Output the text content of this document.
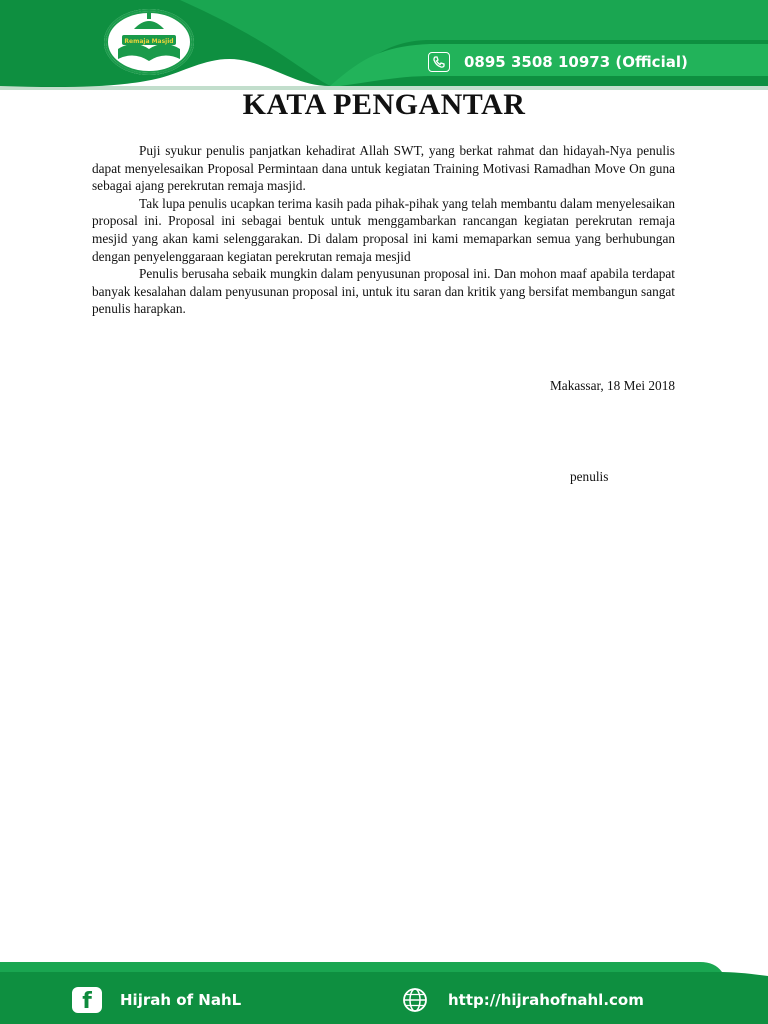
Remaja Masjid
0895 3508 10973 (Official)
KATA PENGANTAR

Puji syukur penulis panjatkan kehadirat Allah SWT, yang berkat rahmat dan hidayah-Nya penulis dapat menyelesaikan Proposal Permintaan dana untuk kegiatan Training Motivasi Ramadhan Move On guna sebagai ajang perekrutan remaja masjid.

Tak lupa penulis ucapkan terima kasih pada pihak-pihak yang telah membantu dalam menyelesaikan proposal ini. Proposal ini sebagai bentuk untuk menggambarkan rancangan kegiatan perekrutan remaja mesjid yang akan kami selenggarakan. Di dalam proposal ini kami memaparkan semua yang berhubungan dengan penyelenggaraan kegiatan perekrutan remaja mesjid

Penulis berusaha sebaik mungkin dalam penyusunan proposal ini. Dan mohon maaf apabila terdapat banyak kesalahan dalam penyusunan proposal ini, untuk itu saran dan kritik yang bersifat membangun sangat penulis harapkan.

Makassar, 18 Mei 2018
penulis
f	Hijrah of NahL	http://hijrahofnahl.com
